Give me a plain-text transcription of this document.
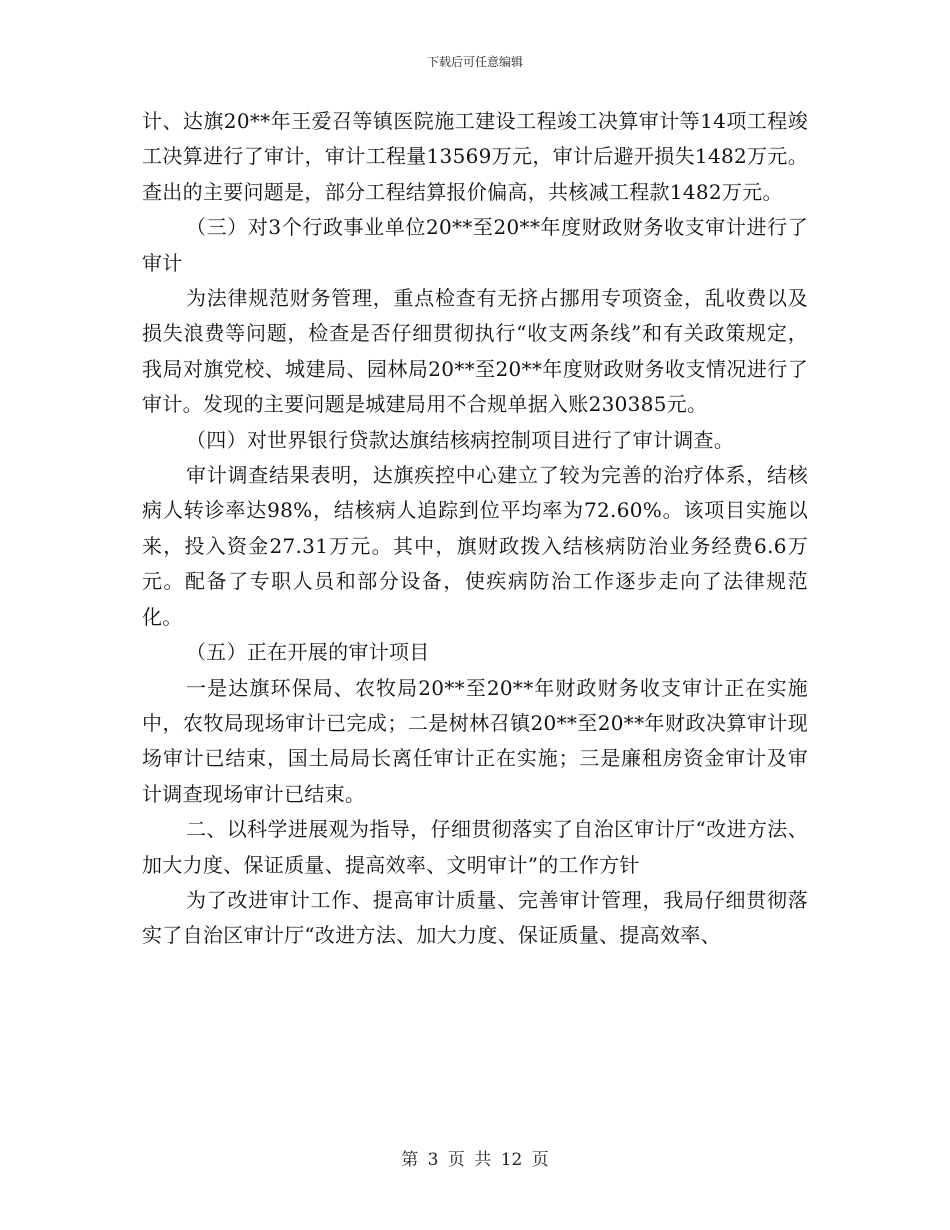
下载后可任意编辑

计、达旗20**年王爱召等镇医院施工建设工程竣工决算审计等14项工程竣工决算进行了审计，审计工程量13569万元，审计后避开损失1482万元。查出的主要问题是，部分工程结算报价偏高，共核减工程款1482万元。

（三）对3个行政事业单位20**至20**年度财政财务收支审计进行了审计

为法律规范财务管理，重点检查有无挤占挪用专项资金，乱收费以及损失浪费等问题，检查是否仔细贯彻执行“收支两条线”和有关政策规定，我局对旗党校、城建局、园林局20**至20**年度财政财务收支情况进行了审计。发现的主要问题是城建局用不合规单据入账230385元。

（四）对世界银行贷款达旗结核病控制项目进行了审计调查。

审计调查结果表明，达旗疾控中心建立了较为完善的治疗体系，结核病人转诊率达98%，结核病人追踪到位平均率为72.60%。该项目实施以来，投入资金27.31万元。其中，旗财政拨入结核病防治业务经费6.6万元。配备了专职人员和部分设备，使疾病防治工作逐步走向了法律规范化。

（五）正在开展的审计项目

一是达旗环保局、农牧局20**至20**年财政财务收支审计正在实施中，农牧局现场审计已完成；二是树林召镇20**至20**年财政决算审计现场审计已结束，国土局局长离任审计正在实施；三是廉租房资金审计及审计调查现场审计已结束。

二、以科学进展观为指导，仔细贯彻落实了自治区审计厅“改进方法、加大力度、保证质量、提高效率、文明审计”的工作方针

为了改进审计工作、提高审计质量、完善审计管理，我局仔细贯彻落实了自治区审计厅“改进方法、加大力度、保证质量、提高效率、

第 3 页 共 12 页
